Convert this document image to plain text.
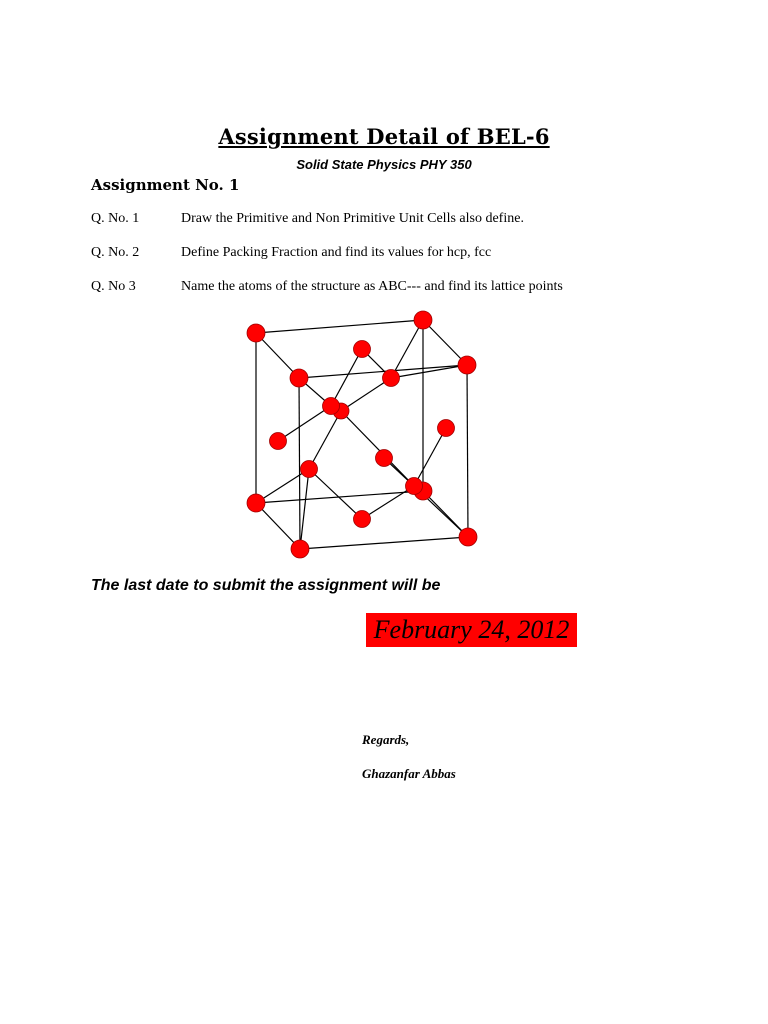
Assignment Detail of BEL-6
Solid State Physics PHY 350
Assignment No. 1
Q. No. 1	Draw the Primitive and Non Primitive Unit Cells also define.
Q. No. 2	Define Packing Fraction and find its values for hcp, fcc
Q. No 3	Name the atoms of the structure as ABC--- and find its lattice points
The last date to submit the assignment will be
February 24, 2012
Regards,
Ghazanfar Abbas
